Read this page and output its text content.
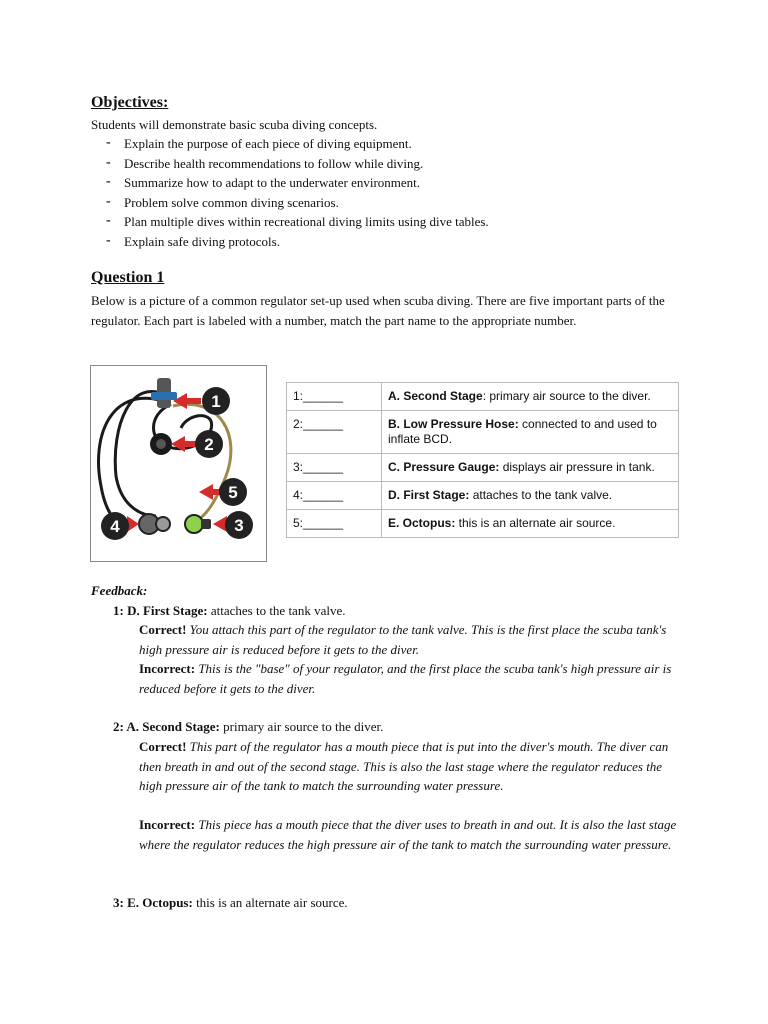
Objectives:

Students will demonstrate basic scuba diving concepts.

- Explain the purpose of each piece of diving equipment.
- Describe health recommendations to follow while diving.
- Summarize how to adapt to the underwater environment.
- Problem solve common diving scenarios.
- Plan multiple dives within recreational diving limits using dive tables.
- Explain safe diving protocols.
Question 1

Below is a picture of a common regulator set-up used when scuba diving. There are five important parts of the regulator. Each part is labeled with a number, match the part name to the appropriate number.

1
2
3
4
5
1:______	A. Second Stage: primary air source to the diver.
2:______	B. Low Pressure Hose: connected to and used to inflate BCD.
3:______	C. Pressure Gauge: displays air pressure in tank.
4:______	D. First Stage: attaches to the tank valve.
5:______	E. Octopus: this is an alternate air source.
Feedback:
1: D. First Stage: attaches to the tank valve.
Correct! You attach this part of the regulator to the tank valve. This is the first place the scuba tank's high pressure air is reduced before it gets to the diver.
Incorrect: This is the "base" of your regulator, and the first place the scuba tank's high pressure air is reduced before it gets to the diver.
2: A. Second Stage: primary air source to the diver.
Correct! This part of the regulator has a mouth piece that is put into the diver's mouth. The diver can then breath in and out of the second stage. This is also the last stage where the regulator reduces the high pressure air of the tank to match the surrounding water pressure.
Incorrect: This piece has a mouth piece that the diver uses to breath in and out. It is also the last stage where the regulator reduces the high pressure air of the tank to match the surrounding water pressure.
3: E. Octopus: this is an alternate air source.
